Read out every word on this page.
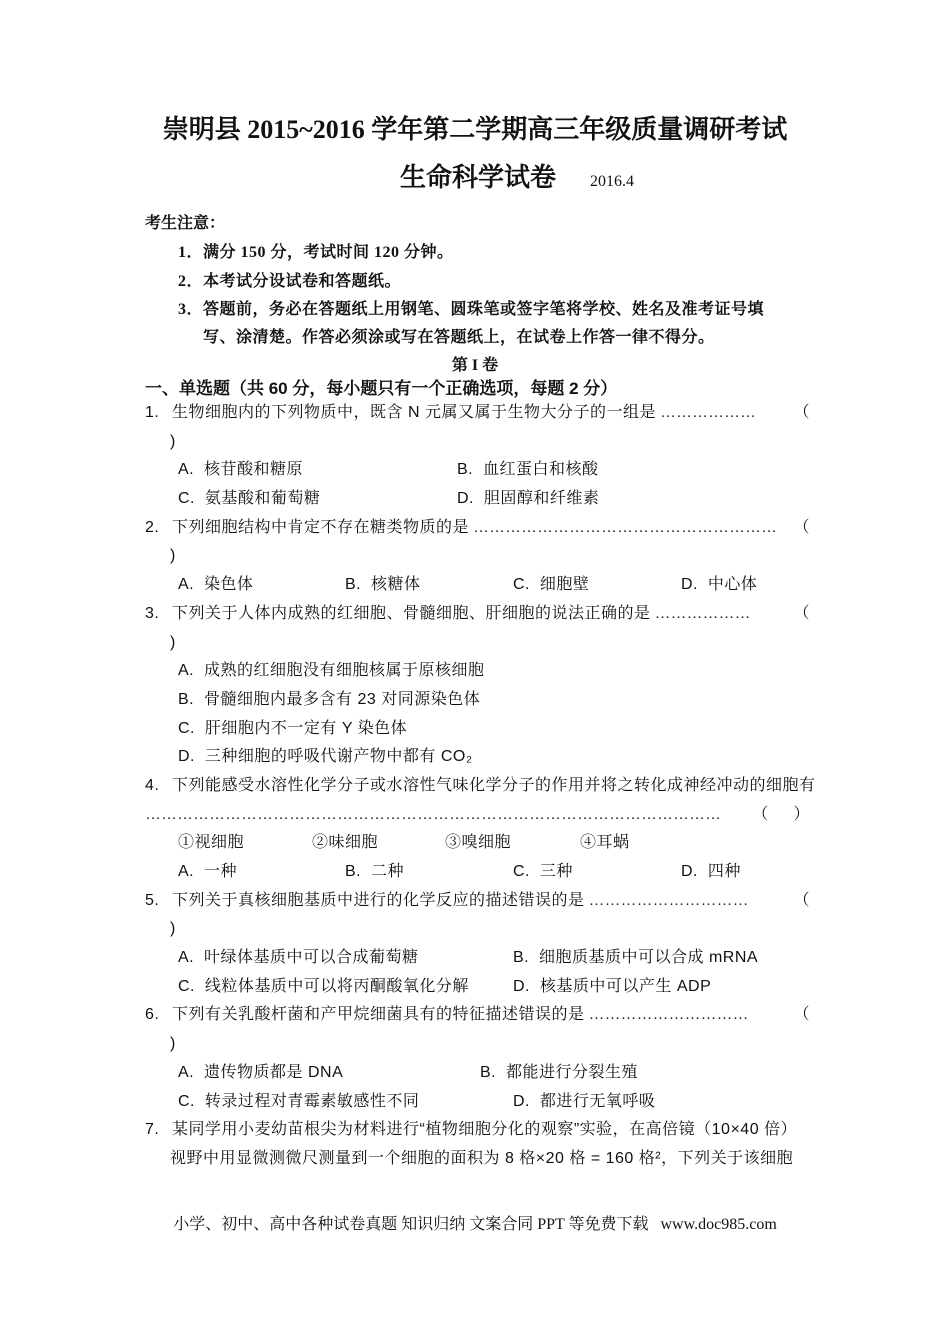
崇明县 2015~2016 学年第二学期高三年级质量调研考试
生命科学试卷 2016.4
考生注意：
1．满分 150 分，考试时间 120 分钟。
2．本考试分设试卷和答题纸。
3．答题前，务必在答题纸上用钢笔、圆珠笔或签字笔将学校、姓名及准考证号填
写、涂清楚。作答必须涂或写在答题纸上，在试卷上作答一律不得分。
第 I 卷
一、单选题（共 60 分，每小题只有一个正确选项，每题 2 分）
1. 生物细胞内的下列物质中，既含 N 元属又属于生物大分子的一组是 ………………	（
)
A.  核苷酸和糖原	B.  血红蛋白和核酸
C.  氨基酸和葡萄糖	D.  胆固醇和纤维素
2. 下列细胞结构中肯定不存在糖类物质的是 …………………………………………………	（
)
A.  染色体	B.  核糖体	C.  细胞壁	D.  中心体
3. 下列关于人体内成熟的红细胞、骨髓细胞、肝细胞的说法正确的是 ………………	（
)
A.  成熟的红细胞没有细胞核属于原核细胞
B.  骨髓细胞内最多含有 23 对同源染色体
C.  肝细胞内不一定有 Y 染色体
D.  三种细胞的呼吸代谢产物中都有 CO₂
4. 下列能感受水溶性化学分子或水溶性气味化学分子的作用并将之转化成神经冲动的细胞有
………………………………………………………………………………………………	（     ）
①视细胞	②味细胞	③嗅细胞	④耳蜗
A.  一种	B.  二种	C.  三种	D.  四种
5. 下列关于真核细胞基质中进行的化学反应的描述错误的是 …………………………	（
)
A.  叶绿体基质中可以合成葡萄糖	B.  细胞质基质中可以合成 mRNA
C.  线粒体基质中可以将丙酮酸氧化分解	D.  核基质中可以产生 ADP
6. 下列有关乳酸杆菌和产甲烷细菌具有的特征描述错误的是 …………………………	（
)
A.  遗传物质都是 DNA	B.  都能进行分裂生殖
C.  转录过程对青霉素敏感性不同	D.  都进行无氧呼吸
7. 某同学用小麦幼苗根尖为材料进行“植物细胞分化的观察”实验，在高倍镜（10×40 倍）
视野中用显微测微尺测量到一个细胞的面积为 8 格×20 格 = 160 格²，下列关于该细胞
小学、初中、高中各种试卷真题 知识归纳 文案合同 PPT 等免费下载   www.doc985.com
